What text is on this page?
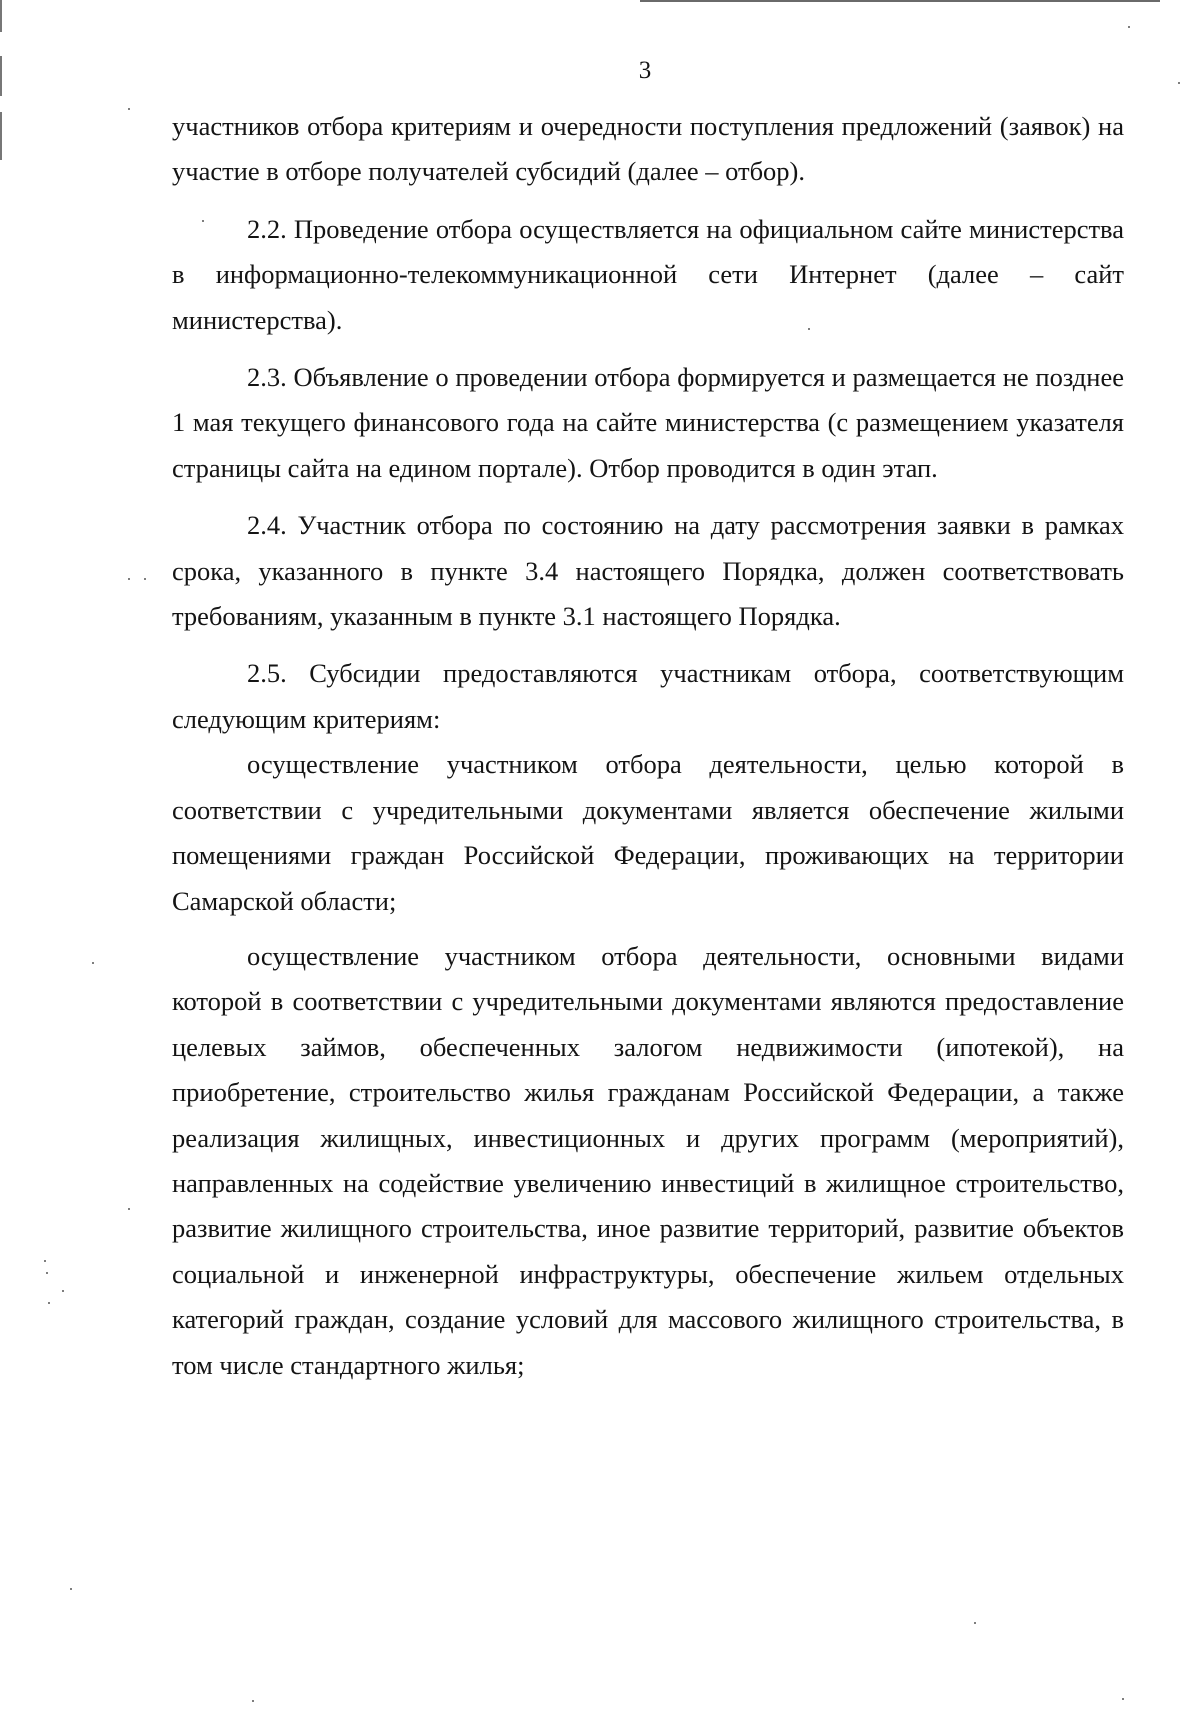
3

участников отбора критериям и очередности поступления предложений (заявок) на участие в отборе получателей субсидий (далее – отбор).

2.2. Проведение отбора осуществляется на официальном сайте министерства в информационно-телекоммуникационной сети Интернет (далее – сайт министерства).

2.3. Объявление о проведении отбора формируется и размещается не позднее 1 мая текущего финансового года на сайте министерства (с размещением указателя страницы сайта на едином портале). Отбор проводится в один этап.

2.4. Участник отбора по состоянию на дату рассмотрения заявки в рамках срока, указанного в пункте 3.4 настоящего Порядка, должен соответствовать требованиям, указанным в пункте 3.1 настоящего Порядка.

2.5. Субсидии предоставляются участникам отбора, соответствующим следующим критериям:

осуществление участником отбора деятельности, целью которой в соответствии с учредительными документами является обеспечение жилыми помещениями граждан Российской Федерации, проживающих на территории Самарской области;

осуществление участником отбора деятельности, основными видами которой в соответствии с учредительными документами являются предоставление целевых займов, обеспеченных залогом недвижимости (ипотекой), на приобретение, строительство жилья гражданам Российской Федерации, а также реализация жилищных, инвестиционных и других программ (мероприятий), направленных на содействие увеличению инвестиций в жилищное строительство, развитие жилищного строительства, иное развитие территорий, развитие объектов социальной и инженерной инфраструктуры, обеспечение жильем отдельных категорий граждан, создание условий для массового жилищного строительства, в том числе стандартного жилья;
